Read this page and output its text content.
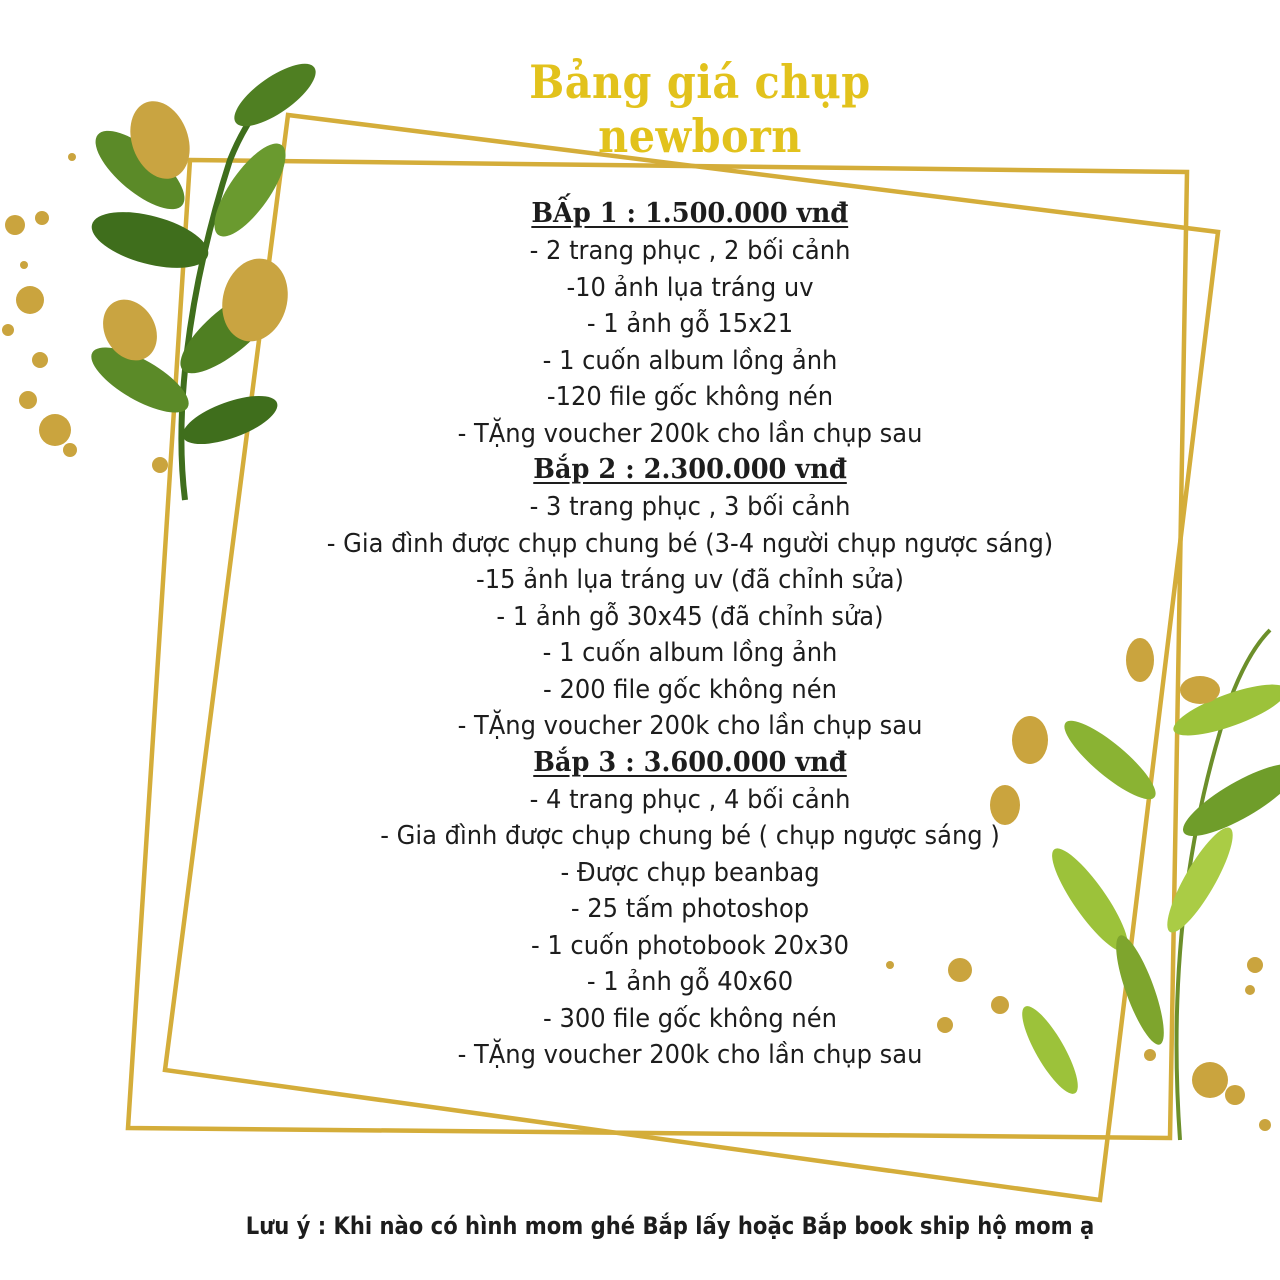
Bảng giá chụp newborn
BẤp 1 : 1.500.000 vnđ
- 2 trang phục , 2 bối cảnh
-10 ảnh lụa tráng uv
- 1 ảnh gỗ 15x21
- 1 cuốn album lồng ảnh
-120 file gốc không nén
- TẶng voucher 200k cho lần chụp sau
Bắp 2 : 2.300.000 vnđ
- 3 trang phục , 3 bối cảnh
- Gia đình được chụp chung bé (3-4 người chụp ngược sáng)
-15 ảnh lụa tráng uv (đã chỉnh sửa)
- 1 ảnh gỗ 30x45 (đã chỉnh sửa)
- 1 cuốn album lồng ảnh
- 200 file gốc không nén
- TẶng voucher 200k cho lần chụp sau
Bắp 3 : 3.600.000 vnđ
- 4 trang phục , 4 bối cảnh
- Gia đình được chụp chung bé ( chụp ngược sáng )
- Được chụp beanbag
- 25 tấm photoshop
- 1 cuốn photobook 20x30
- 1 ảnh gỗ 40x60
- 300 file gốc không nén
- TẶng voucher 200k cho lần chụp sau
Lưu ý : Khi nào có hình mom ghé Bắp lấy hoặc Bắp book ship hộ mom ạ
